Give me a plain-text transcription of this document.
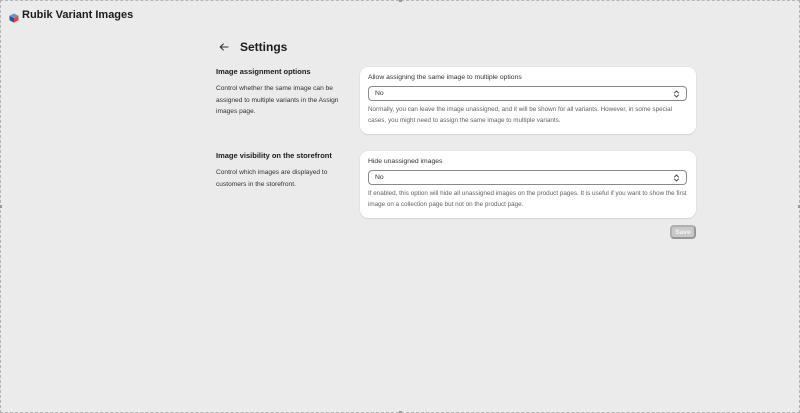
Rubik Variant Images
Settings
Image assignment options
Control whether the same image can be assigned to multiple variants in the Assign images page.
Allow assigning the same image to multiple options
No
Normally, you can leave the image unassigned, and it will be shown for all variants. However, in some special cases, you might need to assign the same image to multiple variants.
Image visibility on the storefront
Control which images are displayed to customers in the storefront.
Hide unassigned images
No
If enabled, this option will hide all unassigned images on the product pages. It is useful if you want to show the first image on a collection page but not on the product page.
Save
